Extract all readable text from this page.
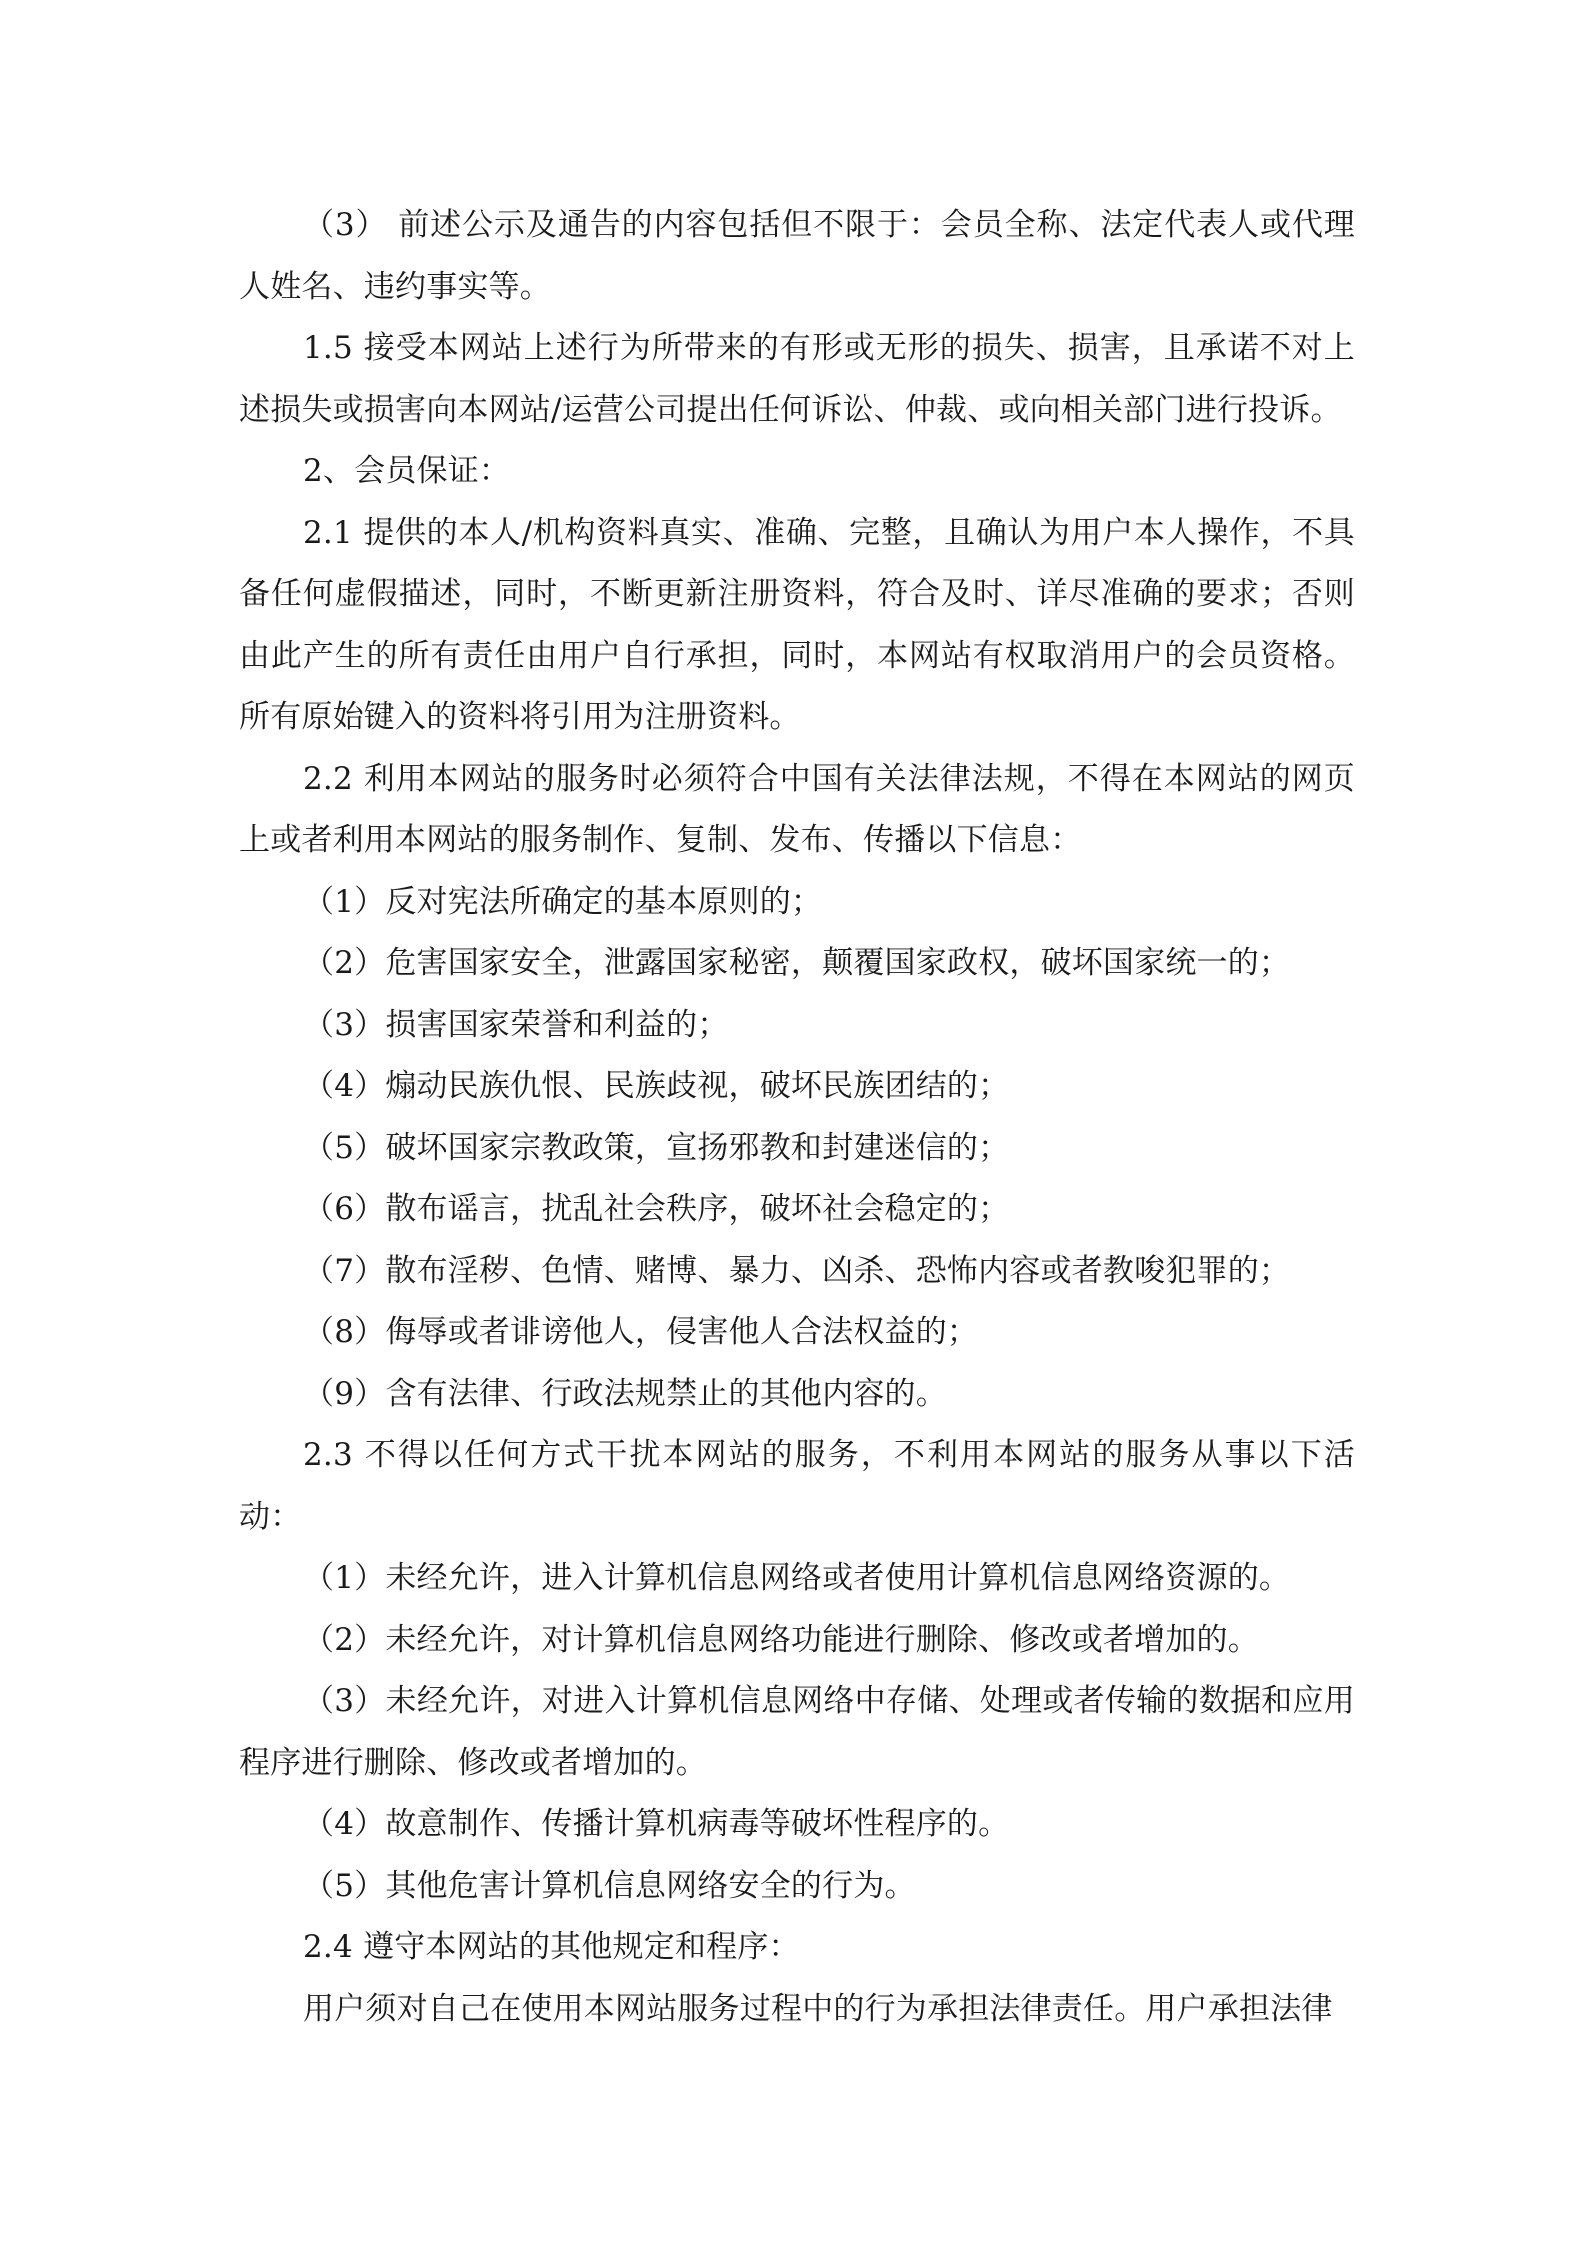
（3） 前述公示及通告的内容包括但不限于：会员全称、法定代表人或代理人姓名、违约事实等。

1.5 接受本网站上述行为所带来的有形或无形的损失、损害，且承诺不对上述损失或损害向本网站/运营公司提出任何诉讼、仲裁、或向相关部门进行投诉。

2、会员保证：

2.1 提供的本人/机构资料真实、准确、完整，且确认为用户本人操作，不具备任何虚假描述，同时，不断更新注册资料，符合及时、详尽准确的要求；否则由此产生的所有责任由用户自行承担，同时，本网站有权取消用户的会员资格。所有原始键入的资料将引用为注册资料。

2.2 利用本网站的服务时必须符合中国有关法律法规，不得在本网站的网页上或者利用本网站的服务制作、复制、发布、传播以下信息：

（1）反对宪法所确定的基本原则的；

（2）危害国家安全，泄露国家秘密，颠覆国家政权，破坏国家统一的；

（3）损害国家荣誉和利益的；

（4）煽动民族仇恨、民族歧视，破坏民族团结的；

（5）破坏国家宗教政策，宣扬邪教和封建迷信的；

（6）散布谣言，扰乱社会秩序，破坏社会稳定的；

（7）散布淫秽、色情、赌博、暴力、凶杀、恐怖内容或者教唆犯罪的；

（8）侮辱或者诽谤他人，侵害他人合法权益的；

（9）含有法律、行政法规禁止的其他内容的。

2.3 不得以任何方式干扰本网站的服务，不利用本网站的服务从事以下活动：

（1）未经允许，进入计算机信息网络或者使用计算机信息网络资源的。

（2）未经允许，对计算机信息网络功能进行删除、修改或者增加的。

（3）未经允许，对进入计算机信息网络中存储、处理或者传输的数据和应用程序进行删除、修改或者增加的。

（4）故意制作、传播计算机病毒等破坏性程序的。

（5）其他危害计算机信息网络安全的行为。

2.4 遵守本网站的其他规定和程序：

用户须对自己在使用本网站服务过程中的行为承担法律责任。用户承担法律
